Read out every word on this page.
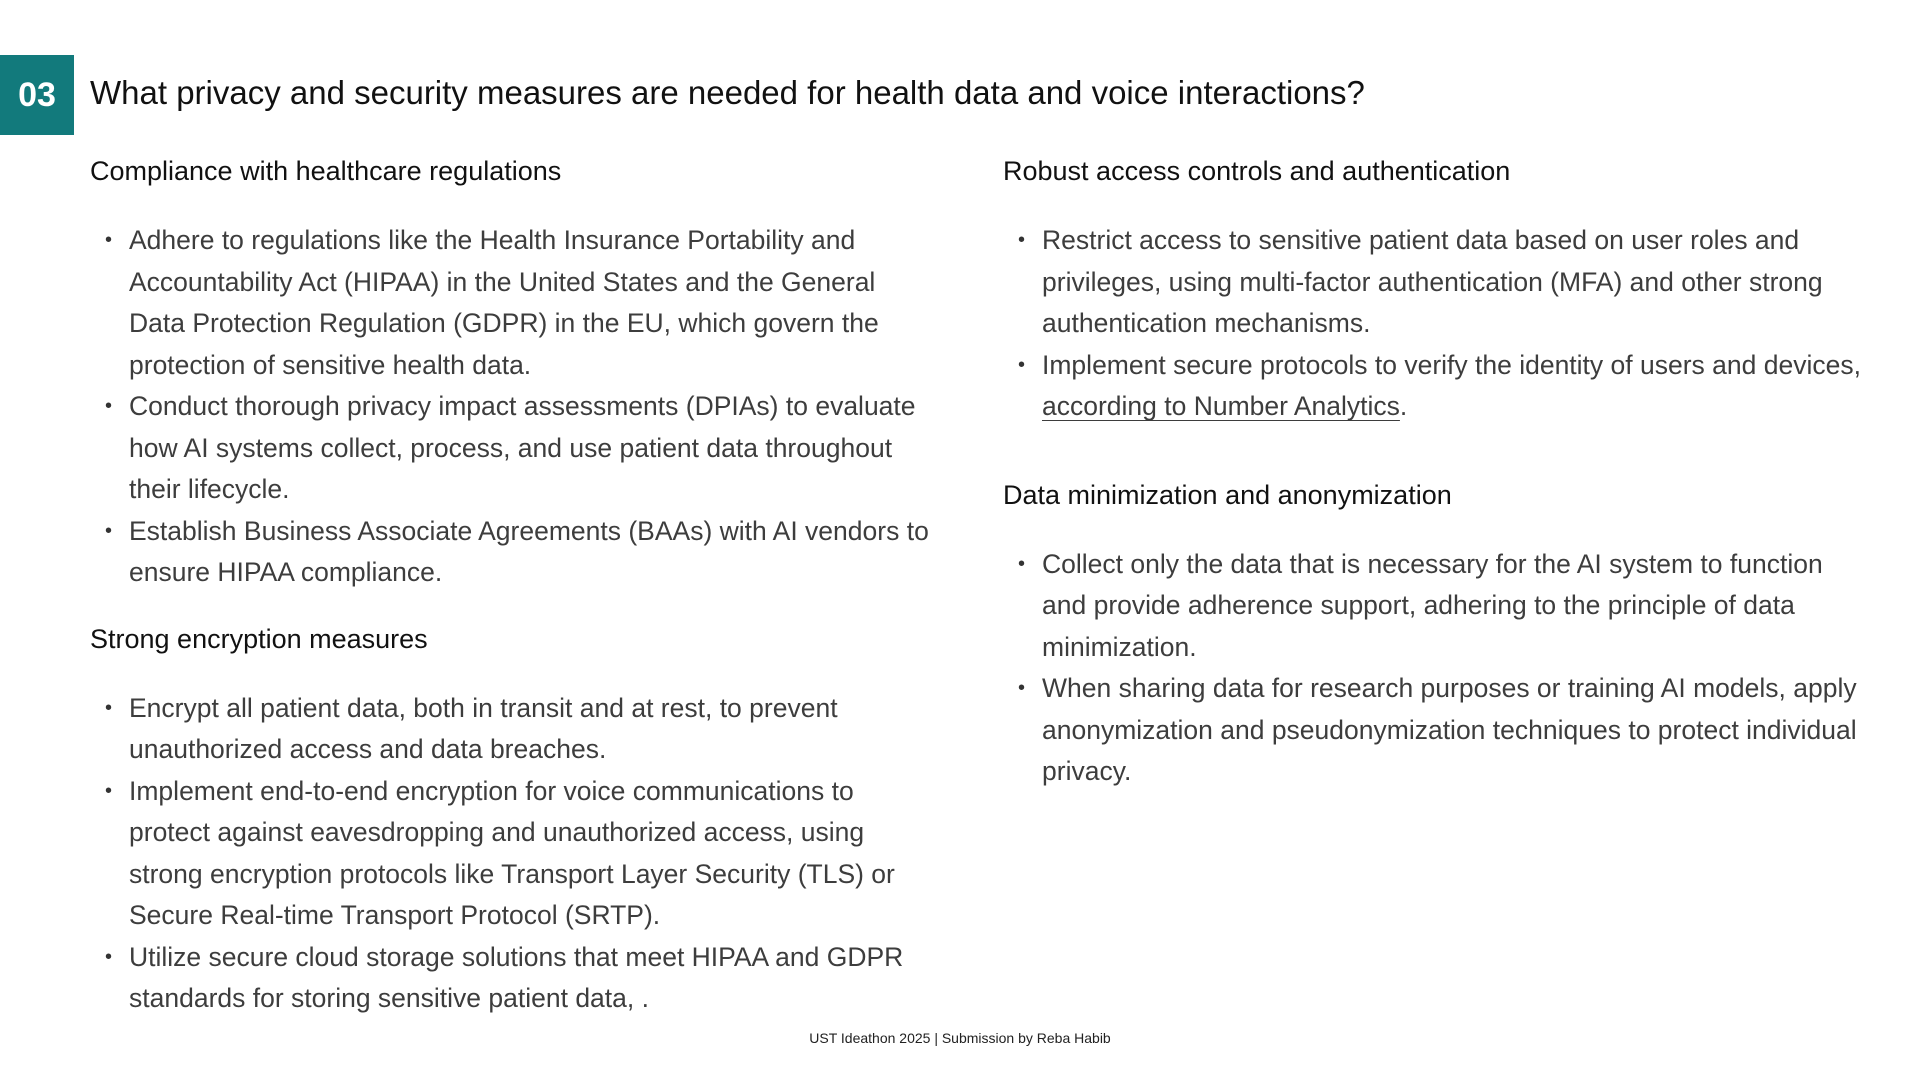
03	What privacy and security measures are needed for health data and voice interactions?
Compliance with healthcare regulations
• Adhere to regulations like the Health Insurance Portability and Accountability Act (HIPAA) in the United States and the General Data Protection Regulation (GDPR) in the EU, which govern the protection of sensitive health data.
• Conduct thorough privacy impact assessments (DPIAs) to evaluate how AI systems collect, process, and use patient data throughout their lifecycle.
• Establish Business Associate Agreements (BAAs) with AI vendors to ensure HIPAA compliance.
Strong encryption measures
• Encrypt all patient data, both in transit and at rest, to prevent unauthorized access and data breaches.
• Implement end-to-end encryption for voice communications to protect against eavesdropping and unauthorized access, using strong encryption protocols like Transport Layer Security (TLS) or Secure Real-time Transport Protocol (SRTP).
• Utilize secure cloud storage solutions that meet HIPAA and GDPR standards for storing sensitive patient data, .
Robust access controls and authentication
• Restrict access to sensitive patient data based on user roles and privileges, using multi-factor authentication (MFA) and other strong authentication mechanisms.
• Implement secure protocols to verify the identity of users and devices, according to Number Analytics.
Data minimization and anonymization
• Collect only the data that is necessary for the AI system to function and provide adherence support, adhering to the principle of data minimization.
• When sharing data for research purposes or training AI models, apply anonymization and pseudonymization techniques to protect individual privacy.
UST Ideathon 2025 | Submission by Reba Habib
